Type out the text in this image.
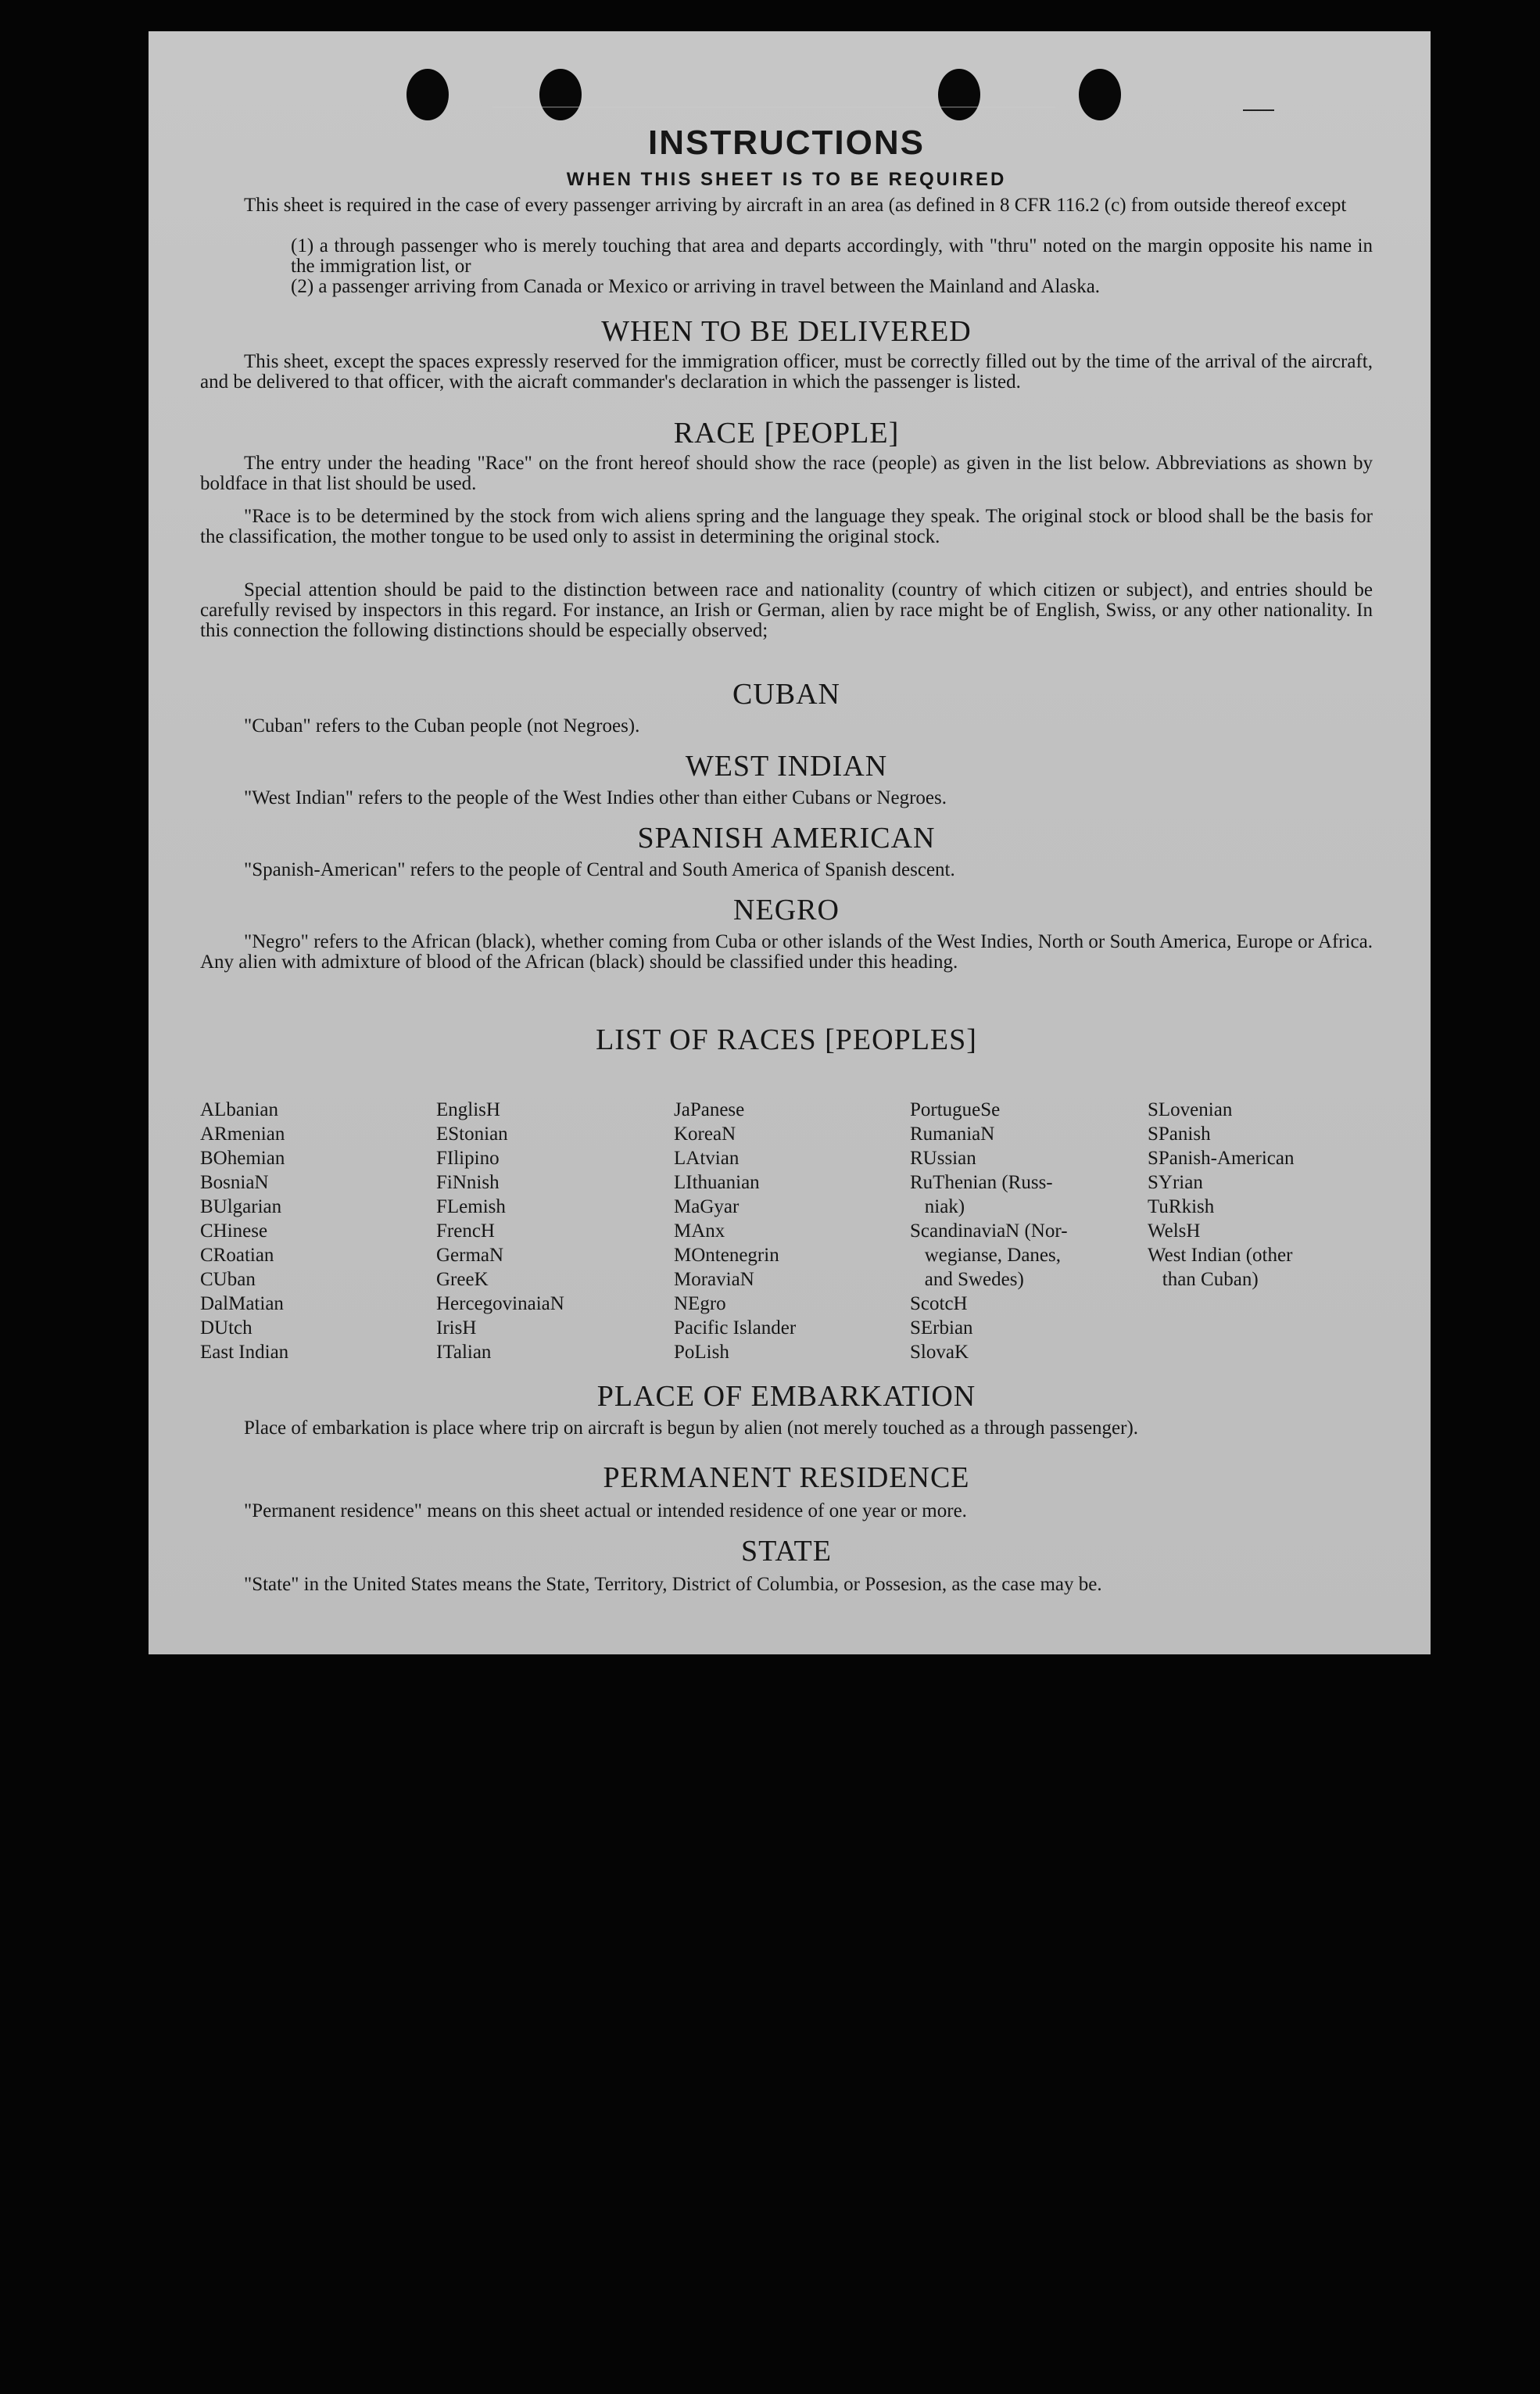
INSTRUCTIONS
WHEN THIS SHEET IS TO BE REQUIRED

This sheet is required in the case of every passenger arriving by aircraft in an area (as defined in 8 CFR 116.2 (c) from outside thereof except

(1) a through passenger who is merely touching that area and departs accordingly, with "thru" noted on the margin opposite his name in the immigration list, or

(2) a passenger arriving from Canada or Mexico or arriving in travel between the Mainland and Alaska.

WHEN TO BE DELIVERED

This sheet, except the spaces expressly reserved for the immigration officer, must be correctly filled out by the time of the arrival of the aircraft, and be delivered to that officer, with the aicraft commander's declaration in which the passenger is listed.

RACE [PEOPLE]

The entry under the heading "Race" on the front hereof should show the race (people) as given in the list below. Abbreviations as shown by boldface in that list should be used.

"Race is to be determined by the stock from wich aliens spring and the language they speak. The original stock or blood shall be the basis for the classification, the mother tongue to be used only to assist in determining the original stock.

Special attention should be paid to the distinction between race and nationality (country of which citizen or subject), and entries should be carefully revised by inspectors in this regard. For instance, an Irish or German, alien by race might be of English, Swiss, or any other nationality. In this connection the following distinctions should be especially observed;

CUBAN

"Cuban" refers to the Cuban people (not Negroes).

WEST INDIAN

"West Indian" refers to the people of the West Indies other than either Cubans or Negroes.

SPANISH AMERICAN

"Spanish-American" refers to the people of Central and South America of Spanish descent.

NEGRO

"Negro" refers to the African (black), whether coming from Cuba or other islands of the West Indies, North or South America, Europe or Africa. Any alien with admixture of blood of the African (black) should be classified under this heading.

LIST OF RACES [PEOPLES]
ALbanian
ARmenian
BOhemian
BosniaN
BUlgarian
CHinese
CRoatian
CUban
DalMatian
DUtch
East Indian
EnglisH
EStonian
FIlipino
FiNnish
FLemish
FrencH
GermaN
GreeK
HercegovinaiaN
IrisH
ITalian
JaPanese
KoreaN
LAtvian
LIthuanian
MaGyar
MAnx
MOntenegrin
MoraviaN
NEgro
Pacific Islander
PoLish
PortugueSe
RumaniaN
RUssian
RuThenian (Russ-
niak)
ScandinaviaN (Nor-
wegianse, Danes,
and Swedes)
ScotcH
SErbian
SlovaK
SLovenian
SPanish
SPanish-American
SYrian
TuRkish
WelsH
West Indian (other
than Cuban)
PLACE OF EMBARKATION

Place of embarkation is place where trip on aircraft is begun by alien (not merely touched as a through passenger).

PERMANENT RESIDENCE

"Permanent residence" means on this sheet actual or intended residence of one year or more.

STATE

"State" in the United States means the State, Territory, District of Columbia, or Possesion, as the case may be.
